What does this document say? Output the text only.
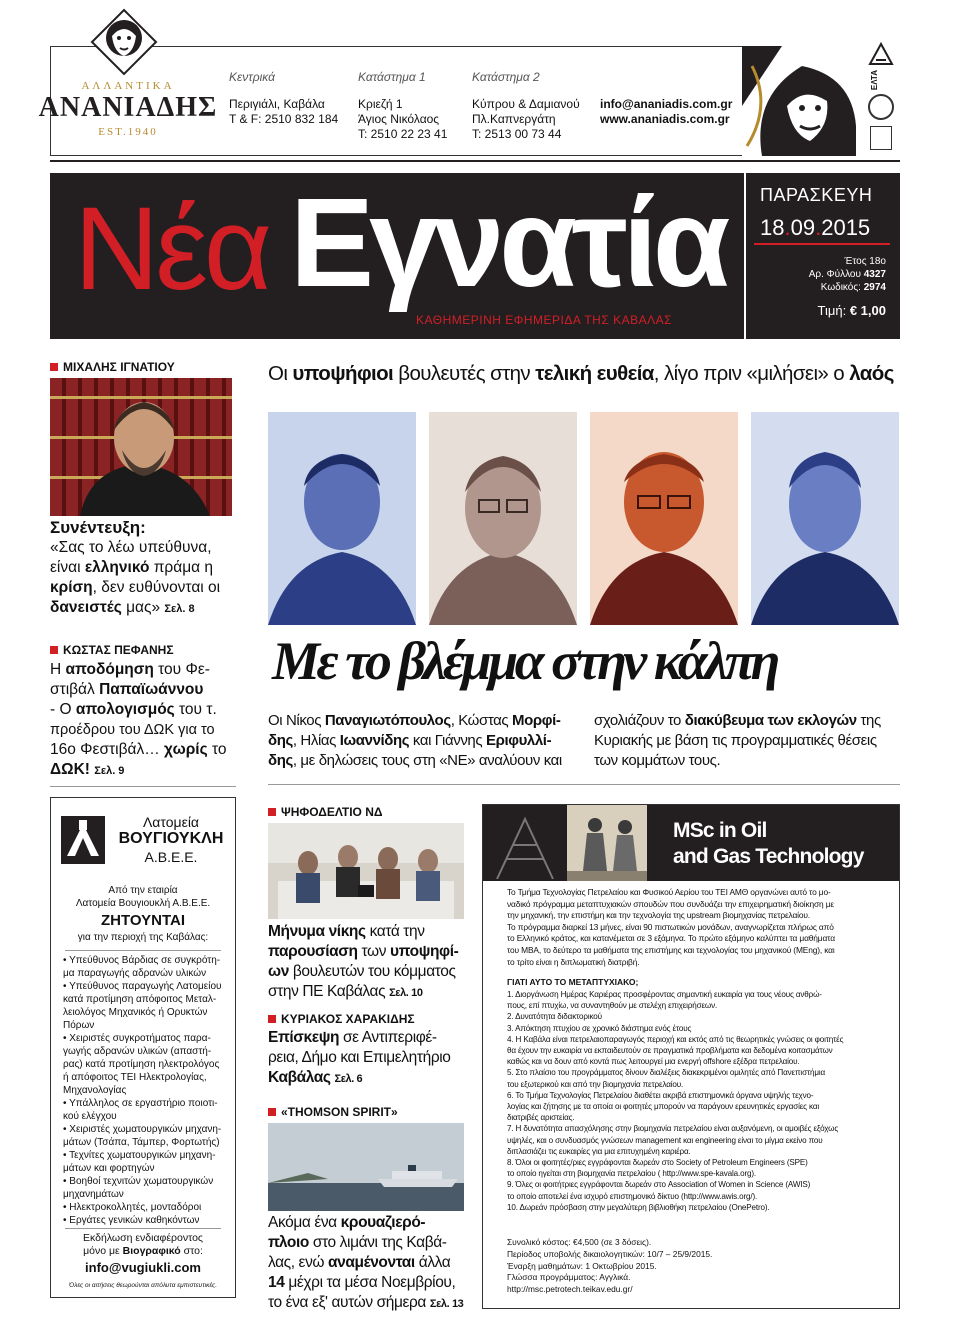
ΑΛΛΑΝΤΙΚΑ
ΑΝΑΝΙΑΔΗΣ
EST.1940
Κεντρικά
Περιγιάλι, Καβάλα
T & F: 2510 832 184
Κατάστημα 1
Κριεζή 1
Άγιος Νικόλαος
T: 2510 22 23 41
Κατάστημα 2
Κύπρου & Δαμιανού
Πλ.Καπνεργάτη
T: 2513 00 73 44
info@ananiadis.com.gr
www.ananiadis.com.gr
ΕΛΤΑ
Νέα Εγνατία
ΚΑΘΗΜΕΡΙΝΗ ΕΦΗΜΕΡΙΔΑ ΤΗΣ ΚΑΒΑΛΑΣ
ΠΑΡΑΣΚΕΥΗ
18.09.2015
Έτος 18ο
Αρ. Φύλλου 4327
Κωδικός: 2974
Τιμή: € 1,00
ΜΙΧΑΛΗΣ ΙΓΝΑΤΙΟΥ
Συνέντευξη:
«Σας το λέω υπεύθυνα,
είναι ελληνικό πράμα η
κρίση, δεν ευθύνονται οι
δανειστές μας» Σελ. 8
ΚΩΣΤΑΣ ΠΕΦΑΝΗΣ
Η αποδόμηση του Φε-
στιβάλ Παπαϊωάννου
- Ο απολογισμός του τ.
προέδρου του ΔΩΚ για το
16ο Φεστιβάλ… χωρίς το
ΔΩΚ! Σελ. 9
Λατομεία
ΒΟΥΓΙΟΥΚΛΗ
Α.Β.Ε.Ε.
Από την εταιρία
Λατομεία Βουγιουκλή Α.Β.Ε.Ε.
ΖΗΤΟΥΝΤΑΙ
για την περιοχή της Καβάλας:
• Υπεύθυνος Βάρδιας σε συγκρότη-
μα παραγωγής αδρανών υλικών
• Υπεύθυνος παραγωγής Λατομείου
κατά προτίμηση απόφοιτος Μεταλ-
λειολόγος Μηχανικός ή Ορυκτών
Πόρων
• Χειριστές συγκροτήματος παρα-
γωγής αδρανών υλικών (απαστή-
ρας) κατά προτίμηση ηλεκτρολόγος
ή απόφοιτος ΤΕΙ Ηλεκτρολογίας,
Μηχανολογίας
• Υπάλληλος σε εργαστήριο ποιοτι-
κού ελέγχου
• Χειριστές χωματουργικών μηχανη-
μάτων (Τσάπα, Τάμπερ, Φορτωτής)
• Τεχνίτες χωματουργικών μηχανη-
μάτων και φορτηγών
• Βοηθοί τεχνιτών χωματουργικών
μηχανημάτων
• Ηλεκτροκολλητές, μονταδόροι
• Εργάτες γενικών καθηκόντων
Εκδήλωση ενδιαφέροντος
μόνο με Βιογραφικό στο:
info@vugiukli.com
Όλες οι αιτήσεις θεωρούνται απόλυτα εμπιστευτικές.
Οι υποψήφιοι βουλευτές στην τελική ευθεία, λίγο πριν «μιλήσει» ο λαός
Με το βλέμμα στην κάλπη
Οι Νίκος Παναγιωτόπουλος, Κώστας Μορφί-
δης, Ηλίας Ιωαννίδης και Γιάννης Εριφυλλί-
δης, με δηλώσεις τους στη «ΝΕ» αναλύουν και
σχολιάζουν το διακύβευμα των εκλογών της
Κυριακής με βάση τις προγραμματικές θέσεις
των κομμάτων τους.
ΨΗΦΟΔΕΛΤΙΟ ΝΔ
Μήνυμα νίκης κατά την
παρουσίαση των υποψηφί-
ων βουλευτών του κόμματος
στην ΠΕ Καβάλας Σελ. 10
ΚΥΡΙΑΚΟΣ ΧΑΡΑΚΙΔΗΣ
Επίσκεψη σε Αντιπεριφέ-
ρεια, Δήμο και Επιμελητήριο
Καβάλας Σελ. 6
«THOMSON SPIRIT»
Ακόμα ένα κρουαζιερό-
πλοιο στο λιμάνι της Καβά-
λας, ενώ αναμένονται άλλα
14 μέχρι τα μέσα Νοεμβρίου,
το ένα εξ' αυτών σήμερα Σελ. 13
MSc in Oil
and Gas Technology
Το Τμήμα Τεχνολογίας Πετρελαίου και Φυσικού Αερίου του ΤΕΙ ΑΜΘ οργανώνει αυτό το μο-
ναδικό πρόγραμμα μεταπτυχιακών σπουδών που συνδυάζει την επιχειρηματική διοίκηση με
την μηχανική, την επιστήμη και την τεχνολογία της upstream βιομηχανίας πετρελαίου.
Το πρόγραμμα διαρκεί 13 μήνες, είναι 90 πιστωτικών μονάδων, αναγνωρίζεται πλήρως από
το Ελληνικό κράτος, και κατανέμεται σε 3 εξάμηνα. Το πρώτο εξάμηνο καλύπτει τα μαθήματα
του MBA, το δεύτερο τα μαθήματα της επιστήμης και τεχνολογίας του μηχανικού (MEng), και
το τρίτο είναι η διπλωματική διατριβή.
ΓΙΑΤΙ ΑΥΤΟ ΤΟ ΜΕΤΑΠΤΥΧΙΑΚΟ;
1. Διοργάνωση Ημέρας Καριέρας προσφέροντας σημαντική ευκαιρία για τους νέους ανθρώ-
πους, επί πτυχίω, να συναντηθούν με στελέχη επιχειρήσεων.
2. Δυνατότητα διδακτορικού
3. Απόκτηση πτυχίου σε χρονικό διάστημα ενός έτους
4. Η Καβάλα είναι πετρελαιοπαραγωγός περιοχή και εκτός από τις θεωρητικές γνώσεις οι φοιτητές
θα έχουν την ευκαιρία να εκπαιδευτούν σε πραγματικά προβλήματα και δεδομένα κοιτασμάτων
καθώς και να δουν από κοντά πως λειτουργεί μια ενεργή offshore εξέδρα πετρελαίου.
5. Στο πλαίσιο του προγράμματος δίνουν διαλέξεις διακεκριμένοι ομιλητές από Πανεπιστήμια
του εξωτερικού και από την βιομηχανία πετρελαίου.
6. Το Τμήμα Τεχνολογίας Πετρελαίου διαθέτει ακριβά επιστημονικά όργανα υψηλής τεχνο-
λογίας και ζήτησης με τα οποία οι φοιτητές μπορούν να παράγουν ερευνητικές εργασίες και
διατριβές αριστείας.
7. Η δυνατότητα απασχόλησης στην βιομηχανία πετρελαίου είναι αυξανόμενη, οι αμοιβές εξόχως
υψηλές, και ο συνδυασμός γνώσεων management και engineering είναι το μίγμα εκείνο που
διπλασιάζει τις ευκαιρίες για μια επιτυχημένη καριέρα.
8. Όλοι οι φοιτητές/ριες εγγράφονται δωρεάν στο Society of Petroleum Engineers (SPE)
το οποίο ηγείται στη βιομηχανία πετρελαίου ( http://www.spe-kavala.org).
9. Όλες οι φοιτήτριες εγγράφονται δωρεάν στο Association of Women in Science (AWIS)
το οποίο αποτελεί ένα ισχυρό επιστημονικό δίκτυο (http://www.awis.org/).
10. Δωρεάν πρόσβαση στην μεγαλύτερη βιβλιοθήκη πετρελαίου (OnePetro).
Συνολικό κόστος: €4,500 (σε 3 δόσεις).
Περίοδος υποβολής δικαιολογητικών: 10/7 – 25/9/2015.
Έναρξη μαθημάτων: 1 Οκτωβρίου 2015.
Γλώσσα προγράμματος: Αγγλικά.
http://msc.petrotech.teikav.edu.gr/
